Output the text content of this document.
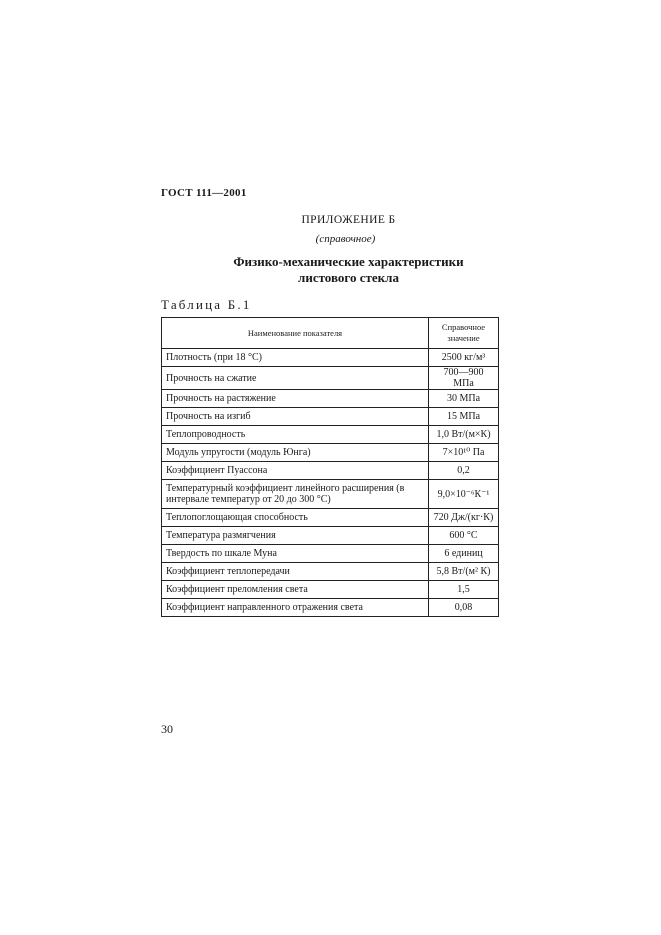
ГОСТ 111—2001
ПРИЛОЖЕНИЕ Б
(справочное)
Физико-механические характеристики
листового стекла
Таблица Б.1
Наименование показателя	Справочное значение
Плотность (при 18 °С)	2500 кг/м³
Прочность на сжатие	700—900 МПа
Прочность на растяжение	30 МПа
Прочность на изгиб	15 МПа
Теплопроводность	1,0 Вт/(м×К)
Модуль упругости (модуль Юнга)	7×10¹⁰ Па
Коэффициент Пуассона	0,2
Температурный коэффициент линейного расширения (в интервале температур от 20 до 300 °С)	9,0×10⁻⁶К⁻¹
Теплопоглощающая способность	720 Дж/(кг·К)
Температура размягчения	600 °С
Твердость по шкале Муна	6 единиц
Коэффициент теплопередачи	5,8 Вт/(м² К)
Коэффициент преломления света	1,5
Коэффициент направленного отражения света	0,08
30
